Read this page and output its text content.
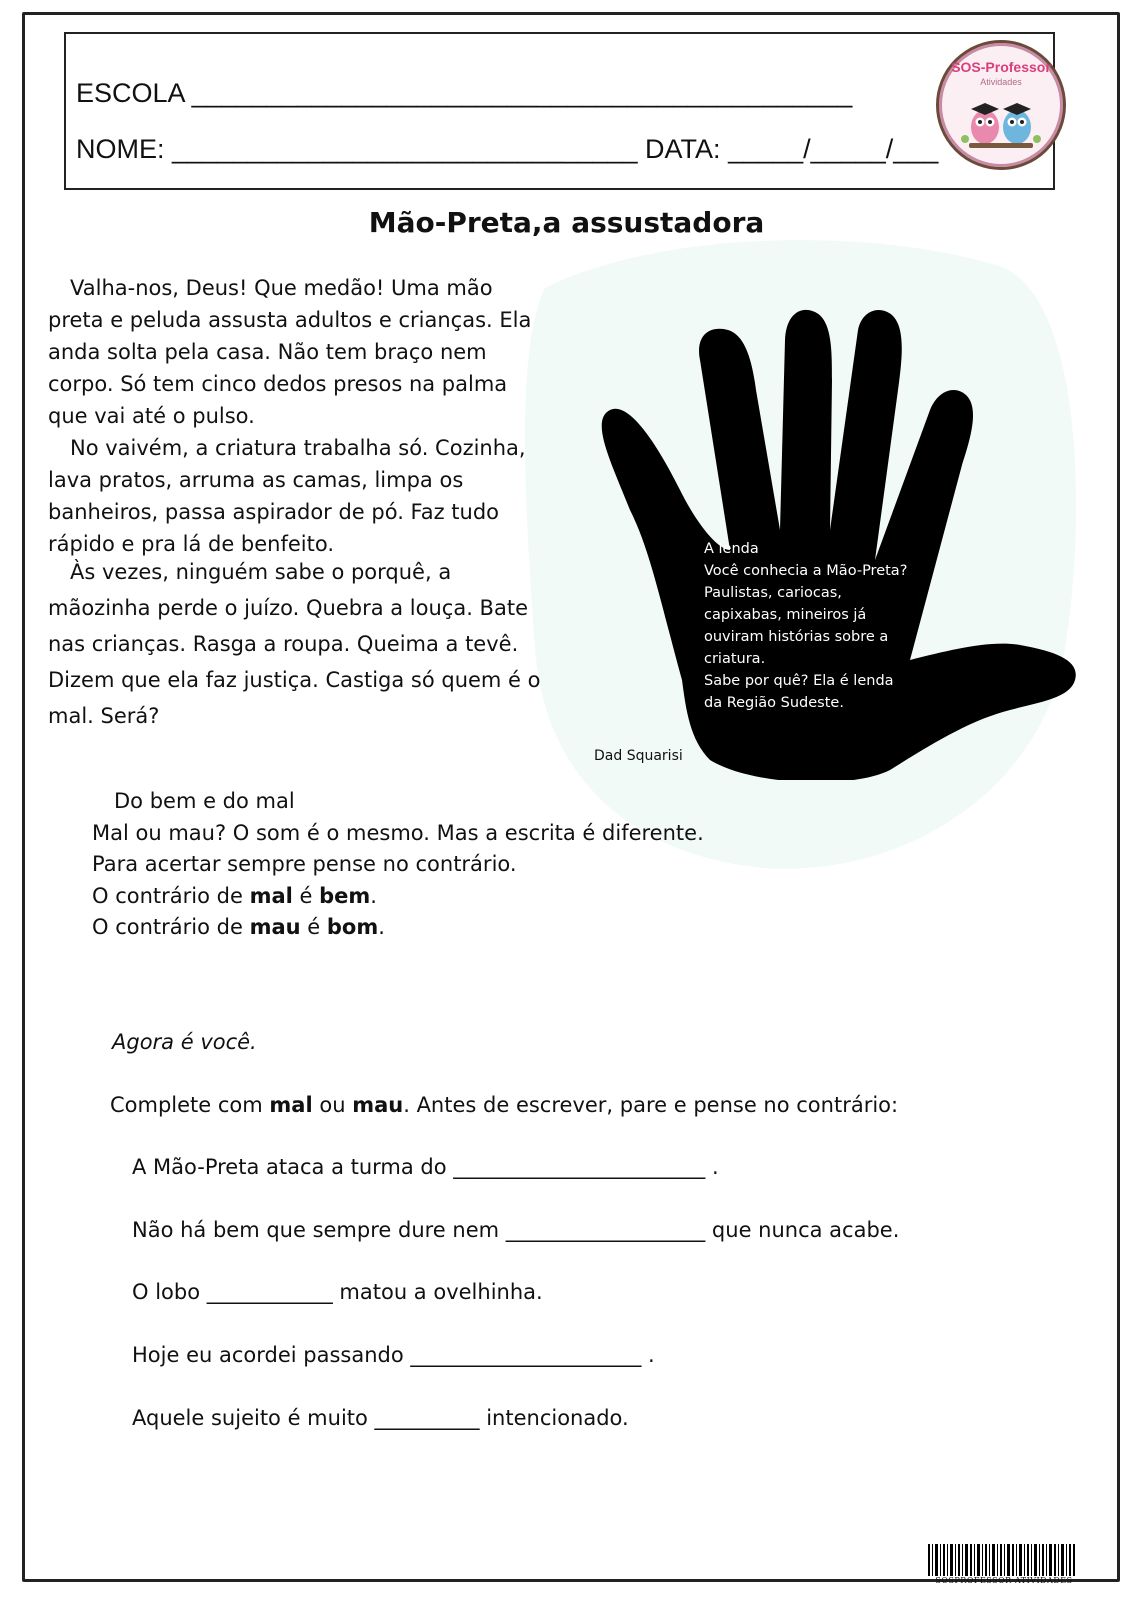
ESCOLA ____________________________________________
NOME: _______________________________ DATA: _____/_____/___
SOS-Professor
Atividades
Mão-Preta,a assustadora

Valha-nos, Deus! Que medão! Uma mão preta e peluda assusta adultos e crianças. Ela anda solta pela casa. Não tem braço nem corpo. Só tem cinco dedos presos na palma que vai até o pulso.

No vaivém, a criatura trabalha só. Cozinha, lava pratos, arruma as camas, limpa os banheiros, passa aspirador de pó. Faz tudo rápido e pra lá de benfeito.

Às vezes, ninguém sabe o porquê, a mãozinha perde o juízo. Quebra a louça. Bate nas crianças. Rasga a roupa. Queima a tevê. Dizem que ela faz justiça. Castiga só quem é o mal. Será?

A lenda
Você conhecia a Mão-Preta? Paulistas, cariocas, capixabas, mineiros já ouviram histórias sobre a criatura.
Sabe por quê? Ela é lenda da Região Sudeste.
Dad Squarisi
Do bem e do mal
Mal ou mau? O som é o mesmo. Mas a escrita é diferente.
Para acertar sempre pense no contrário.
O contrário de mal é bem.
O contrário de mau é bom.
Agora é você.
Complete com mal ou mau. Antes de escrever, pare e pense no contrário:
A Mão-Preta ataca a turma do ________________________ .
Não há bem que sempre dure nem ___________________ que nunca acabe.
O lobo ____________ matou a ovelhinha.
Hoje eu acordei passando ______________________ .
Aquele sujeito é muito __________ intencionado.
SOSPROFESSOR-ATIVIDADES
